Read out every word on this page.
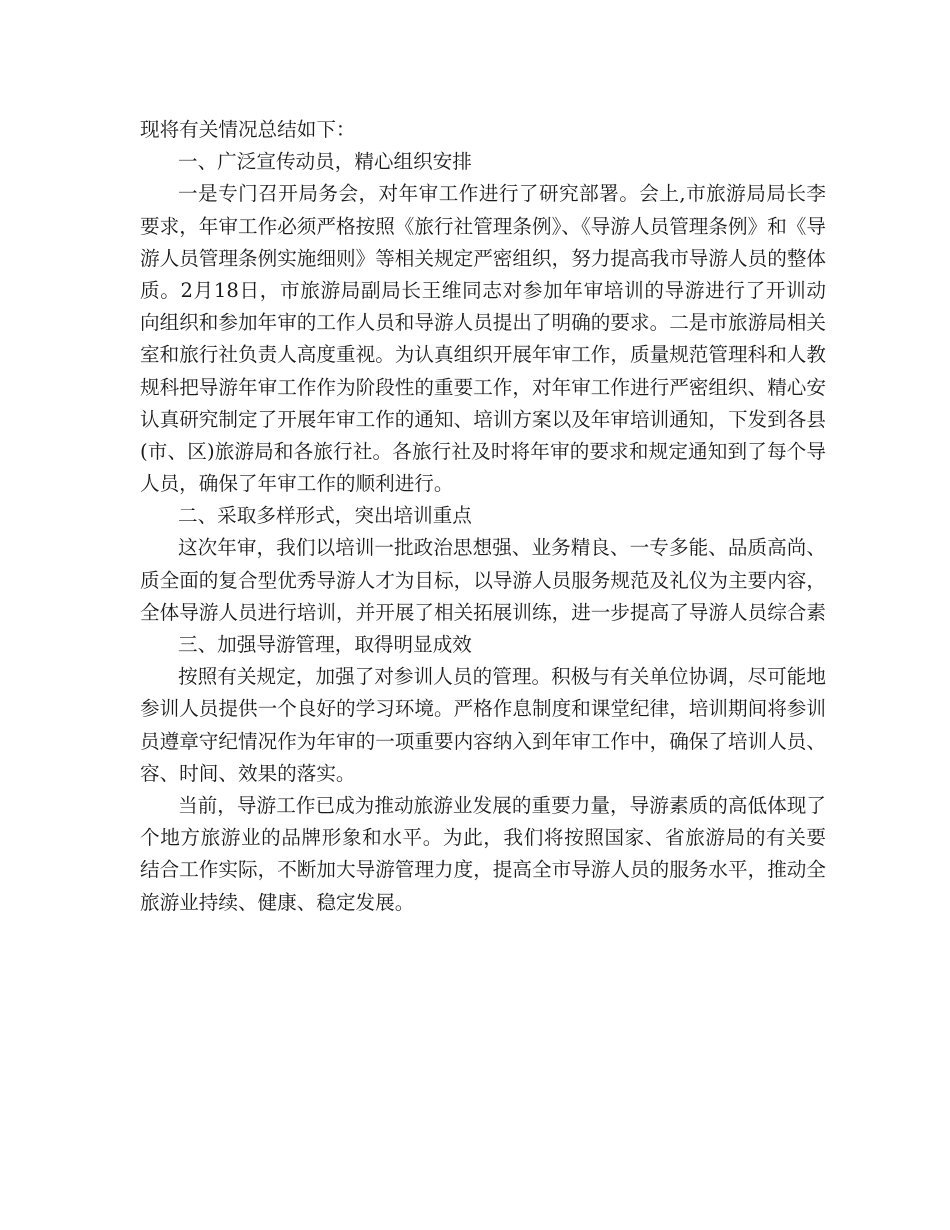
现将有关情况总结如下：
一、广泛宣传动员，精心组织安排
一是专门召开局务会，对年审工作进行了研究部署。会上,市旅游局局长李
要求，年审工作必须严格按照《旅行社管理条例》、《导游人员管理条例》和《导
游人员管理条例实施细则》等相关规定严密组织，努力提高我市导游人员的整体
质。2月18日，市旅游局副局长王维同志对参加年审培训的导游进行了开训动
向组织和参加年审的工作人员和导游人员提出了明确的要求。二是市旅游局相关
室和旅行社负责人高度重视。为认真组织开展年审工作，质量规范管理科和人教
规科把导游年审工作作为阶段性的重要工作，对年审工作进行严密组织、精心安
认真研究制定了开展年审工作的通知、培训方案以及年审培训通知，下发到各县
(市、区)旅游局和各旅行社。各旅行社及时将年审的要求和规定通知到了每个导
人员，确保了年审工作的顺利进行。
二、采取多样形式，突出培训重点
这次年审，我们以培训一批政治思想强、业务精良、一专多能、品质高尚、
质全面的复合型优秀导游人才为目标，以导游人员服务规范及礼仪为主要内容，
全体导游人员进行培训，并开展了相关拓展训练，进一步提高了导游人员综合素
三、加强导游管理，取得明显成效
按照有关规定，加强了对参训人员的管理。积极与有关单位协调，尽可能地
参训人员提供一个良好的学习环境。严格作息制度和课堂纪律，培训期间将参训
员遵章守纪情况作为年审的一项重要内容纳入到年审工作中，确保了培训人员、
容、时间、效果的落实。
当前，导游工作已成为推动旅游业发展的重要力量，导游素质的高低体现了
个地方旅游业的品牌形象和水平。为此，我们将按照国家、省旅游局的有关要
结合工作实际，不断加大导游管理力度，提高全市导游人员的服务水平，推动全
旅游业持续、健康、稳定发展。
